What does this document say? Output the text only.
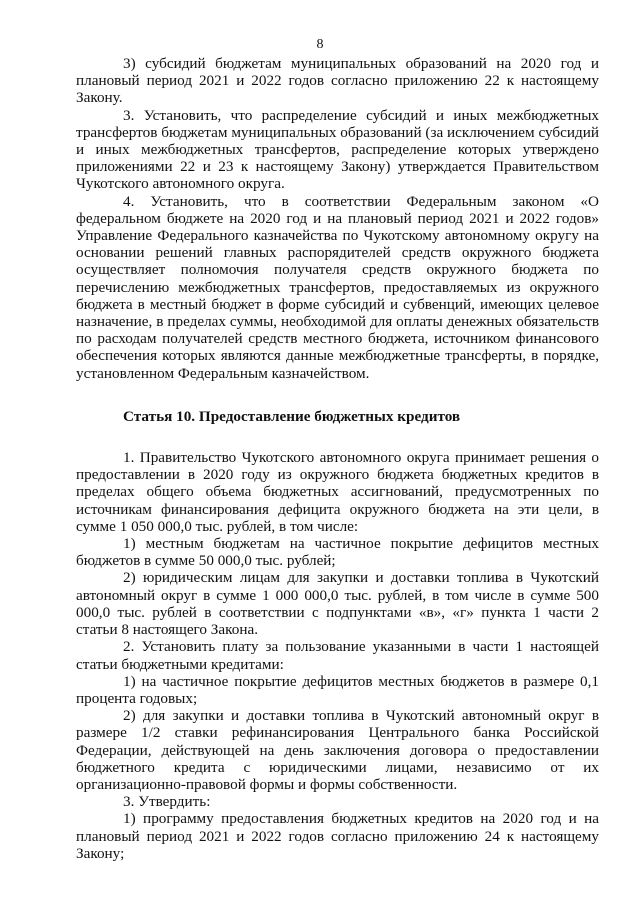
8

3) субсидий бюджетам муниципальных образований на 2020 год и плановый период 2021 и 2022 годов согласно приложению 22 к настоящему Закону.

3. Установить, что распределение субсидий и иных межбюджетных трансфертов бюджетам муниципальных образований (за исключением субсидий и иных межбюджетных трансфертов, распределение которых утверждено приложениями 22 и 23 к настоящему Закону) утверждается Правительством Чукотского автономного округа.

4. Установить, что в соответствии Федеральным законом «О федеральном бюджете на 2020 год и на плановый период 2021 и 2022 годов» Управление Федерального казначейства по Чукотскому автономному округу на основании решений главных распорядителей средств окружного бюджета осуществляет полномочия получателя средств окружного бюджета по перечислению межбюджетных трансфертов, предоставляемых из окружного бюджета в местный бюджет в форме субсидий и субвенций, имеющих целевое назначение, в пределах суммы, необходимой для оплаты денежных обязательств по расходам получателей средств местного бюджета, источником финансового обеспечения которых являются данные межбюджетные трансферты, в порядке, установленном Федеральным казначейством.

Статья 10. Предоставление бюджетных кредитов

1. Правительство Чукотского автономного округа принимает решения о предоставлении в 2020 году из окружного бюджета бюджетных кредитов в пределах общего объема бюджетных ассигнований, предусмотренных по источникам финансирования дефицита окружного бюджета на эти цели, в сумме 1 050 000,0 тыс. рублей, в том числе:

1) местным бюджетам на частичное покрытие дефицитов местных бюджетов в сумме 50 000,0 тыс. рублей;

2) юридическим лицам для закупки и доставки топлива в Чукотский автономный округ в сумме 1 000 000,0 тыс. рублей, в том числе в сумме 500 000,0 тыс. рублей в соответствии с подпунктами «в», «г» пункта 1 части 2 статьи 8 настоящего Закона.

2. Установить плату за пользование указанными в части 1 настоящей статьи бюджетными кредитами:

1) на частичное покрытие дефицитов местных бюджетов в размере 0,1 процента годовых;

2) для закупки и доставки топлива в Чукотский автономный округ в размере 1/2 ставки рефинансирования Центрального банка Российской Федерации, действующей на день заключения договора о предоставлении бюджетного кредита с юридическими лицами, независимо от их организационно-правовой формы и формы собственности.

3. Утвердить:

1) программу предоставления бюджетных кредитов на 2020 год и на плановый период 2021 и 2022 годов согласно приложению 24 к настоящему Закону;
